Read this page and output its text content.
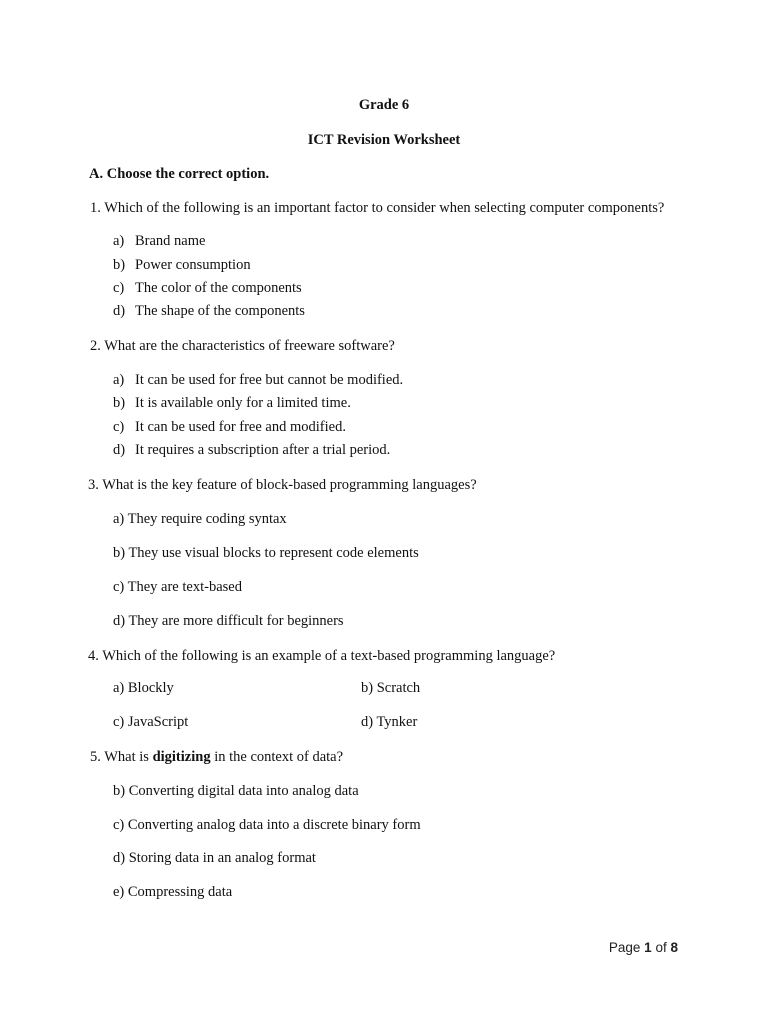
Grade 6
ICT Revision Worksheet
A. Choose the correct option.
1. Which of the following is an important factor to consider when selecting computer components?
a) Brand name
b) Power consumption
c) The color of the components
d) The shape of the components
2. What are the characteristics of freeware software?
a) It can be used for free but cannot be modified.
b) It is available only for a limited time.
c) It can be used for free and modified.
d) It requires a subscription after a trial period.
3. What is the key feature of block-based programming languages?
a) They require coding syntax
b) They use visual blocks to represent code elements
c) They are text-based
d) They are more difficult for beginners
4. Which of the following is an example of a text-based programming language?
a) Blockly	b) Scratch
c) JavaScript	d) Tynker
5. What is digitizing in the context of data?
b) Converting digital data into analog data
c) Converting analog data into a discrete binary form
d) Storing data in an analog format
e) Compressing data
Page 1 of 8
